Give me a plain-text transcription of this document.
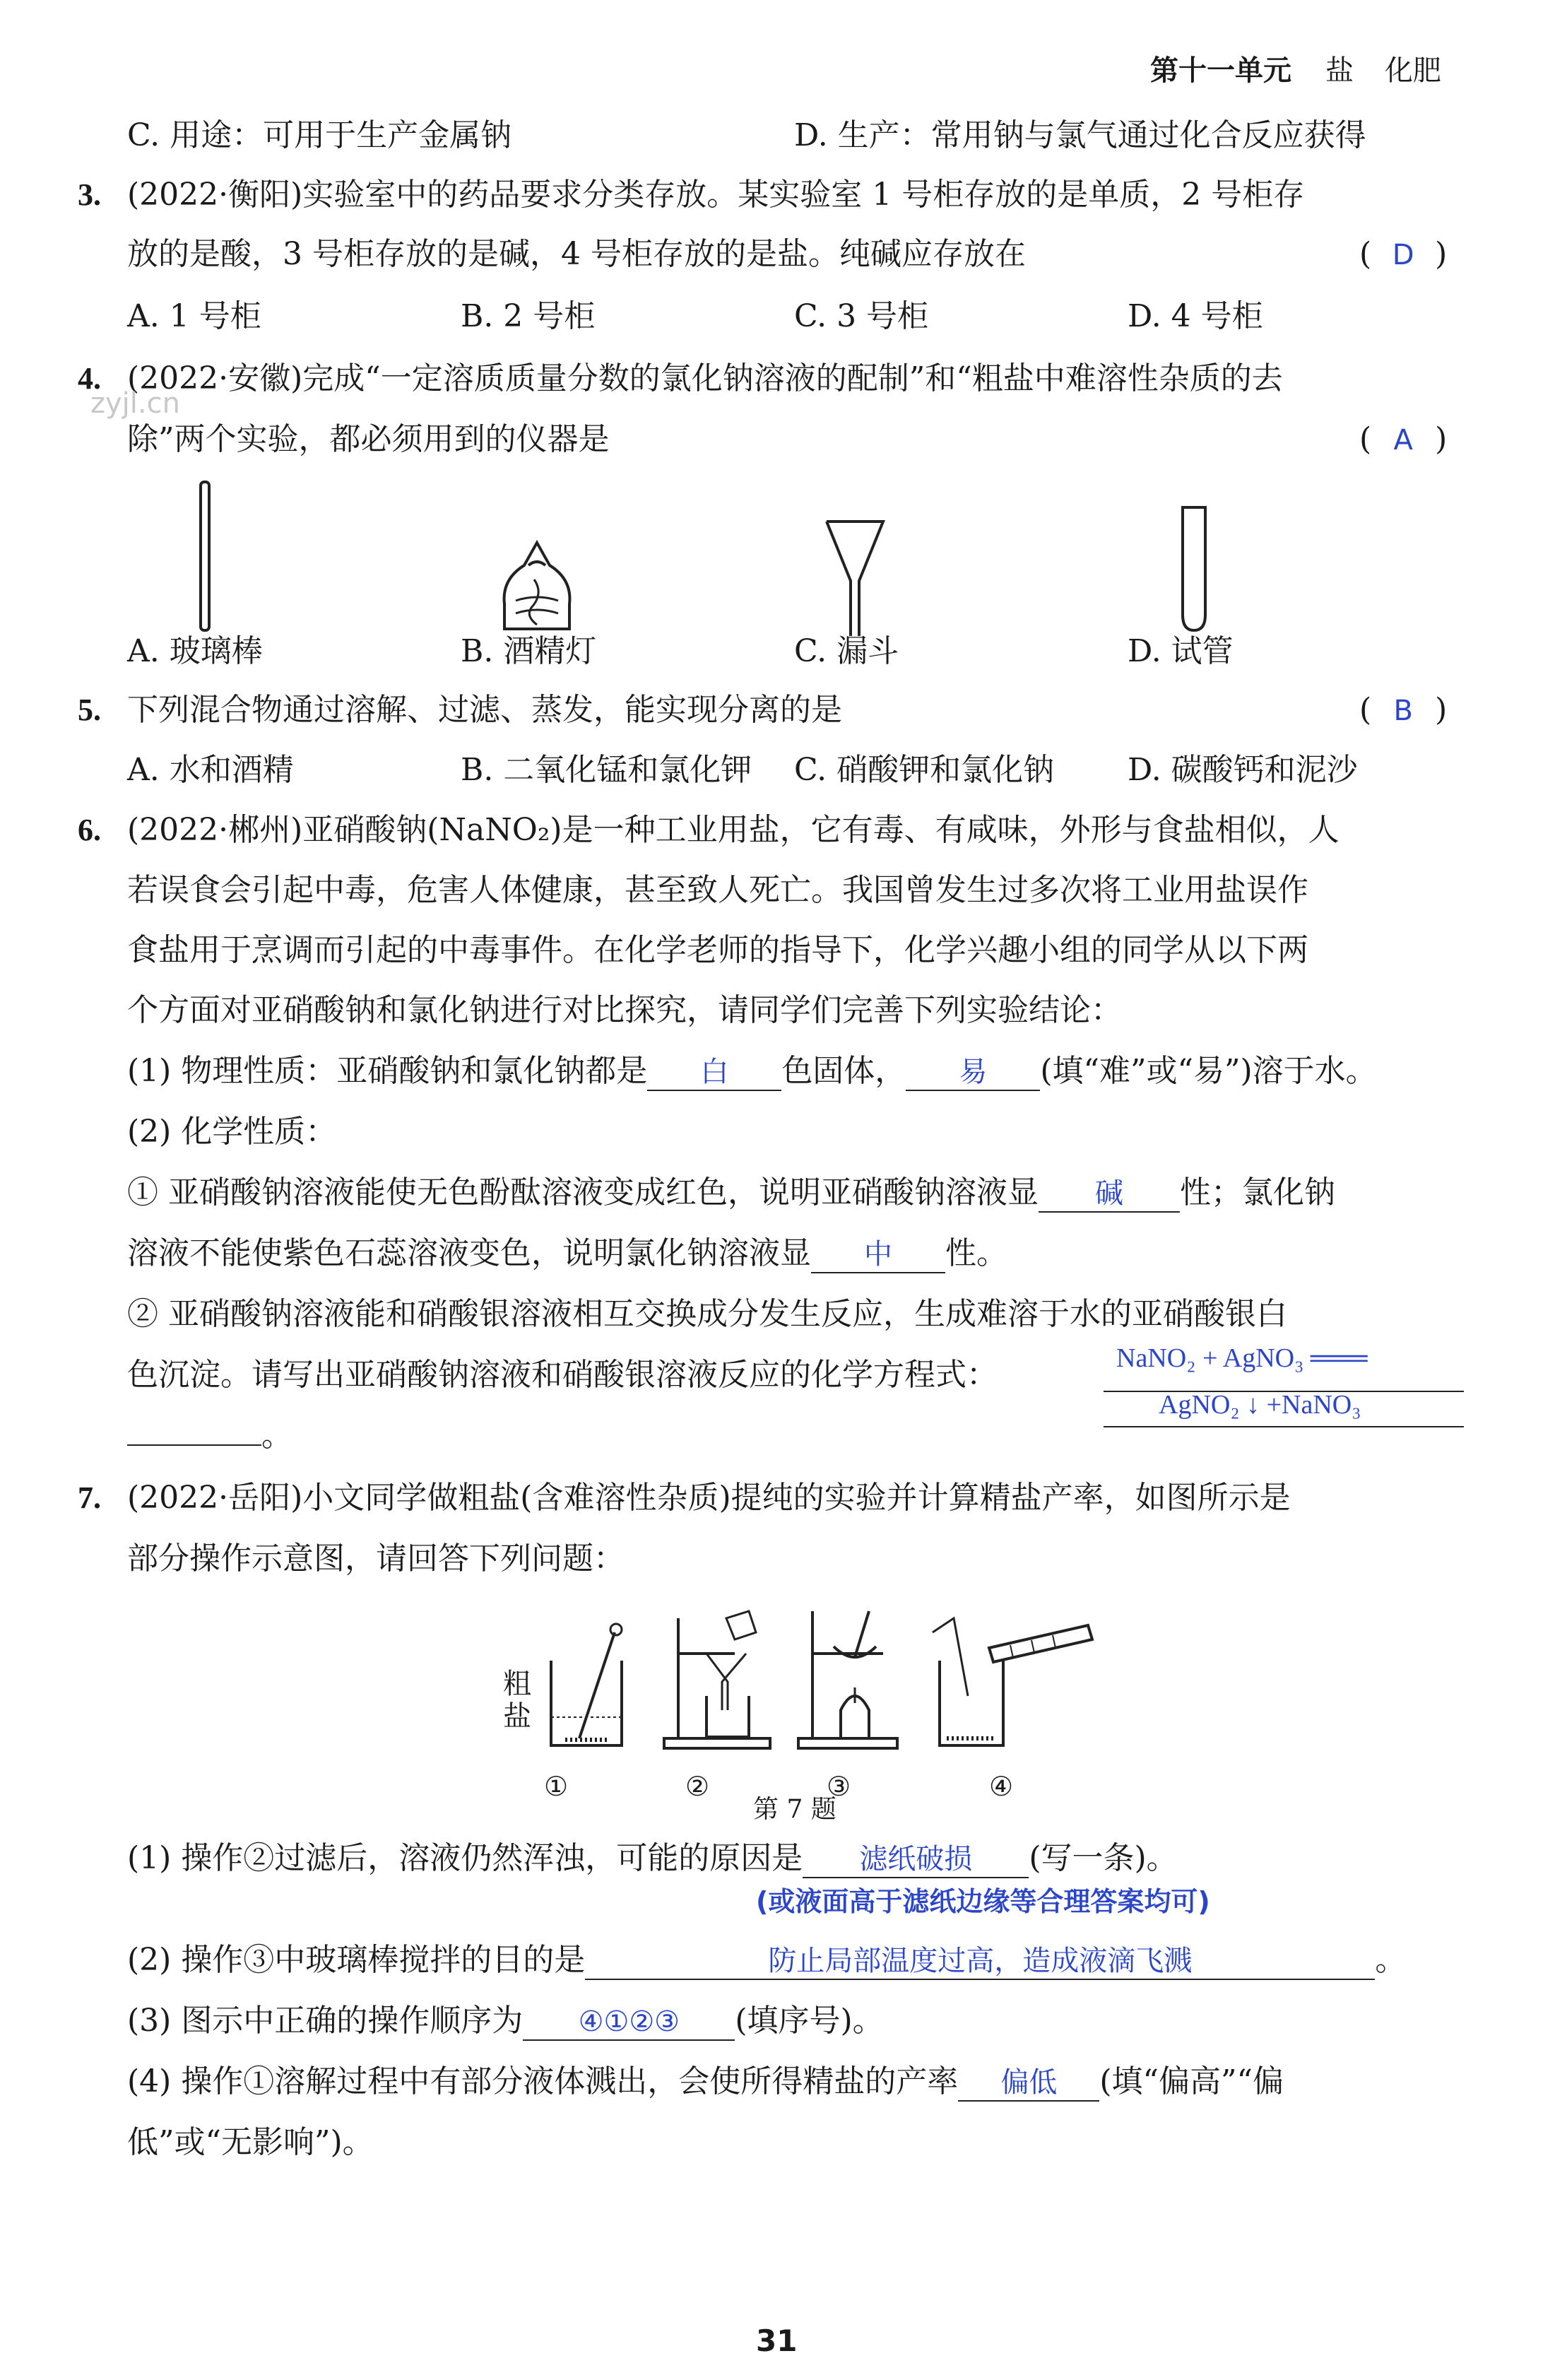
第十一单元 盐 化肥
C. 用途：可用于生产金属钠	D. 生产：常用钠与氯气通过化合反应获得
3. (2022·衡阳)实验室中的药品要求分类存放。某实验室 1 号柜存放的是单质，2 号柜存
放的是酸，3 号柜存放的是碱，4 号柜存放的是盐。纯碱应存放在	( D )
A. 1 号柜	B. 2 号柜	C. 3 号柜	D. 4 号柜
4. (2022·安徽)完成“一定溶质质量分数的氯化钠溶液的配制”和“粗盐中难溶性杂质的去
除”两个实验，都必须用到的仪器是	( A )
zyjl.cn
A. 玻璃棒	B. 酒精灯	C. 漏斗	D. 试管
5. 下列混合物通过溶解、过滤、蒸发，能实现分离的是	( B )
A. 水和酒精	B. 二氧化锰和氯化钾 C. 硝酸钾和氯化钠 D. 碳酸钙和泥沙
6. (2022·郴州)亚硝酸钠(NaNO₂)是一种工业用盐，它有毒、有咸味，外形与食盐相似，人
若误食会引起中毒，危害人体健康，甚至致人死亡。我国曾发生过多次将工业用盐误作
食盐用于烹调而引起的中毒事件。在化学老师的指导下，化学兴趣小组的同学从以下两
个方面对亚硝酸钠和氯化钠进行对比探究，请同学们完善下列实验结论：
(1) 物理性质：亚硝酸钠和氯化钠都是 白 色固体， 易 (填“难”或“易”)溶于水。
(2) 化学性质：
① 亚硝酸钠溶液能使无色酚酞溶液变成红色，说明亚硝酸钠溶液显 碱 性；氯化钠
溶液不能使紫色石蕊溶液变色，说明氯化钠溶液显 中 性。
② 亚硝酸钠溶液能和硝酸银溶液相互交换成分发生反应，生成难溶于水的亚硝酸银白
色沉淀。请写出亚硝酸钠溶液和硝酸银溶液反应的化学方程式：	NaNO₂ + AgNO₃ ═══
AgNO₂ ↓ +NaNO₃
。
7. (2022·岳阳)小文同学做粗盐(含难溶性杂质)提纯的实验并计算精盐产率，如图所示是
部分操作示意图，请回答下列问题：
粗
盐
①	②	③	④
第 7 题
(1) 操作②过滤后，溶液仍然浑浊，可能的原因是 滤纸破损 (写一条)。
(或液面高于滤纸边缘等合理答案均可)
(2) 操作③中玻璃棒搅拌的目的是	防止局部温度过高，造成液滴飞溅	。
(3) 图示中正确的操作顺序为 ④①②③ (填序号)。
(4) 操作①溶解过程中有部分液体溅出，会使所得精盐的产率 偏低 (填“偏高”“偏
低”或“无影响”)。
31
